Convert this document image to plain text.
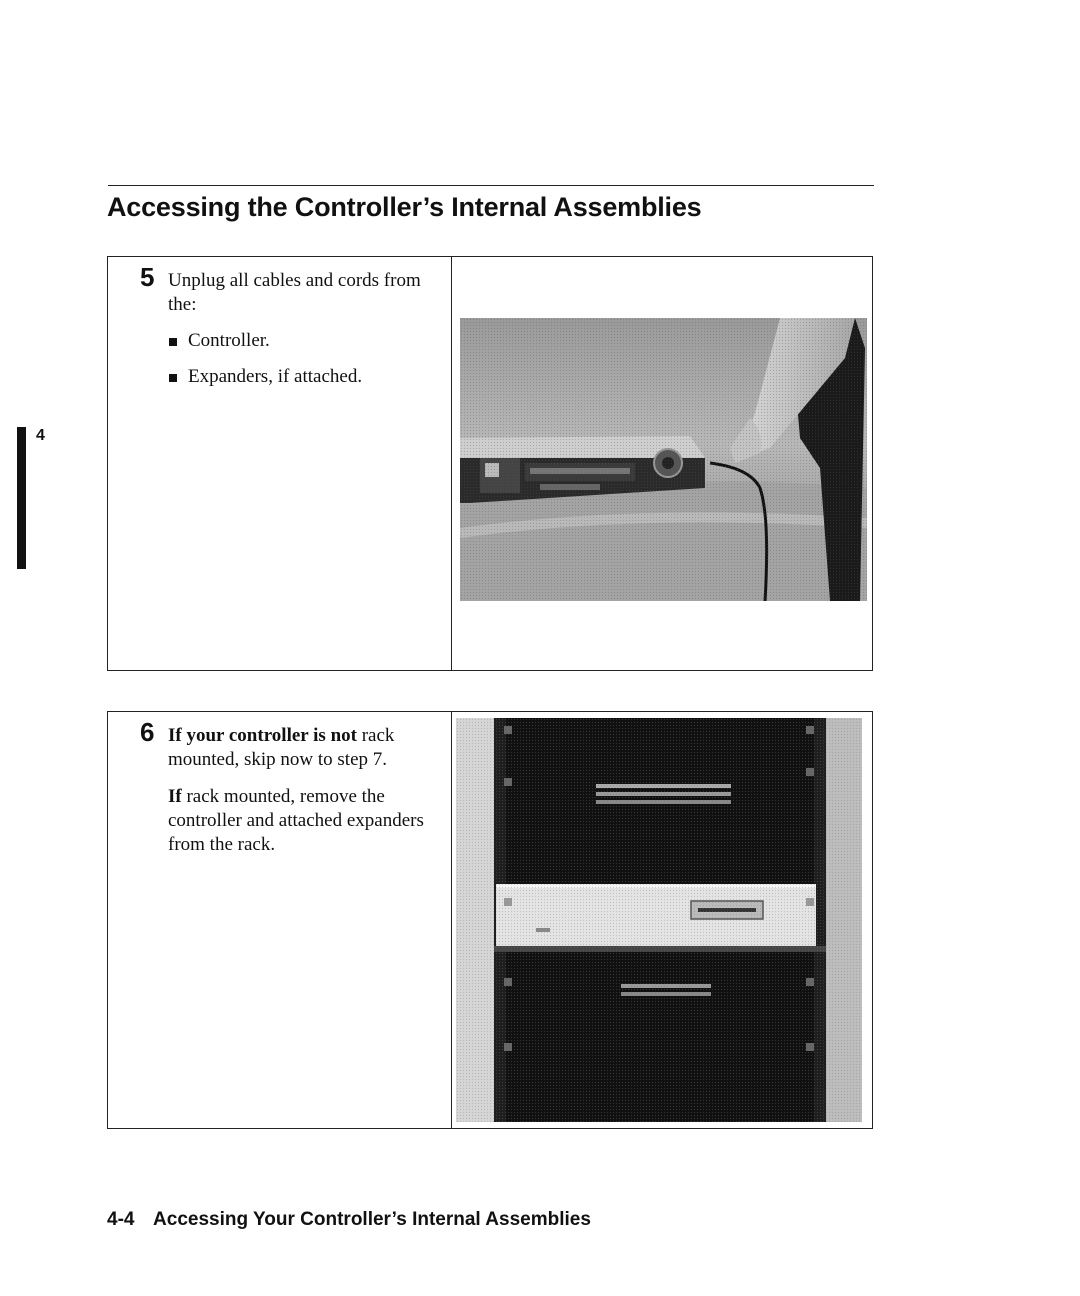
Accessing the Controller’s Internal Assemblies
4
5 Unplug all cables and cords from the:

Controller.
Expanders, if attached.
6 If your controller is not rack mounted, skip now to step 7.

If rack mounted, remove the controller and attached expanders from the rack.

4-4 Accessing Your Controller’s Internal Assemblies
